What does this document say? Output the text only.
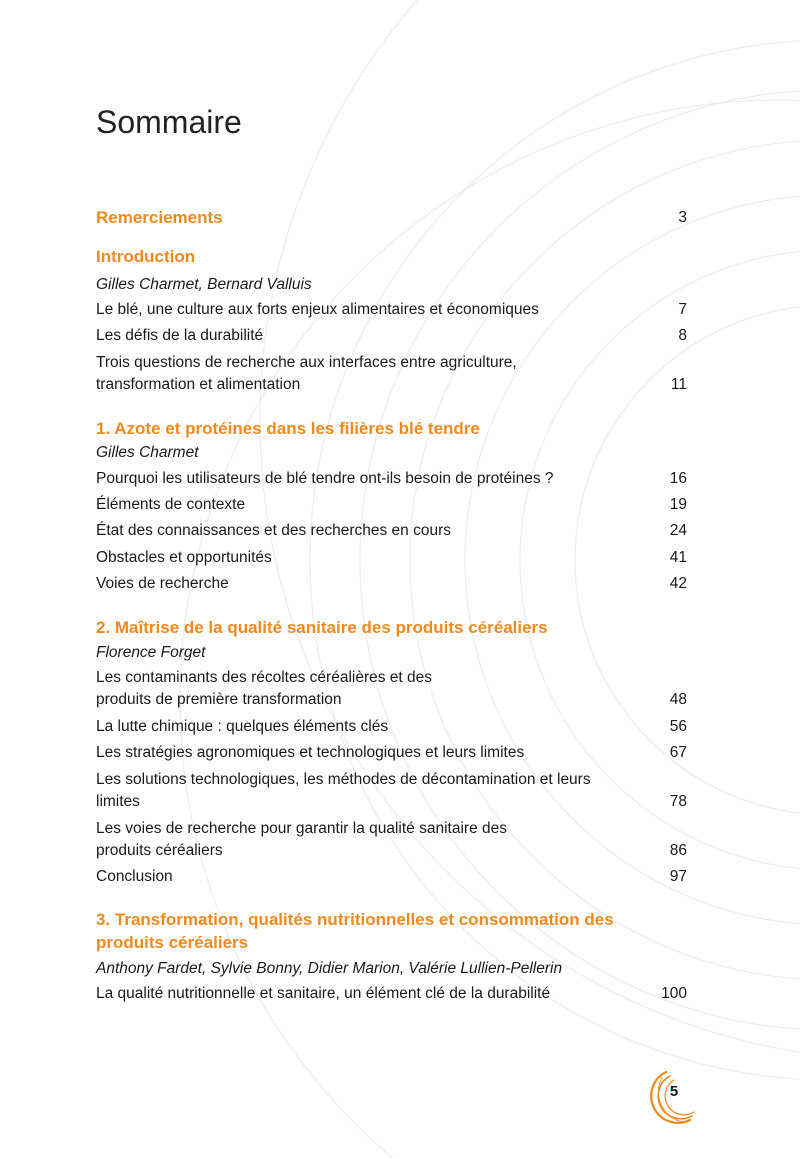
Sommaire
Remerciements	3
Introduction
Gilles Charmet, Bernard Valluis
Le blé, une culture aux forts enjeux alimentaires et économiques	7
Les défis de la durabilité	8
Trois questions de recherche aux interfaces entre agriculture, transformation et alimentation	11
1. Azote et protéines dans les filières blé tendre
Gilles Charmet
Pourquoi les utilisateurs de blé tendre ont-ils besoin de protéines ?	16
Éléments de contexte	19
État des connaissances et des recherches en cours	24
Obstacles et opportunités	41
Voies de recherche	42
2. Maîtrise de la qualité sanitaire des produits céréaliers
Florence Forget
Les contaminants des récoltes céréalières et des produits de première transformation	48
La lutte chimique : quelques éléments clés	56
Les stratégies agronomiques et technologiques et leurs limites	67
Les solutions technologiques, les méthodes de décontamination et leurs limites	78
Les voies de recherche pour garantir la qualité sanitaire des produits céréaliers	86
Conclusion	97
3. Transformation, qualités nutritionnelles et consommation des produits céréaliers
Anthony Fardet, Sylvie Bonny, Didier Marion, Valérie Lullien-Pellerin
La qualité nutritionnelle et sanitaire, un élément clé de la durabilité	100
5
